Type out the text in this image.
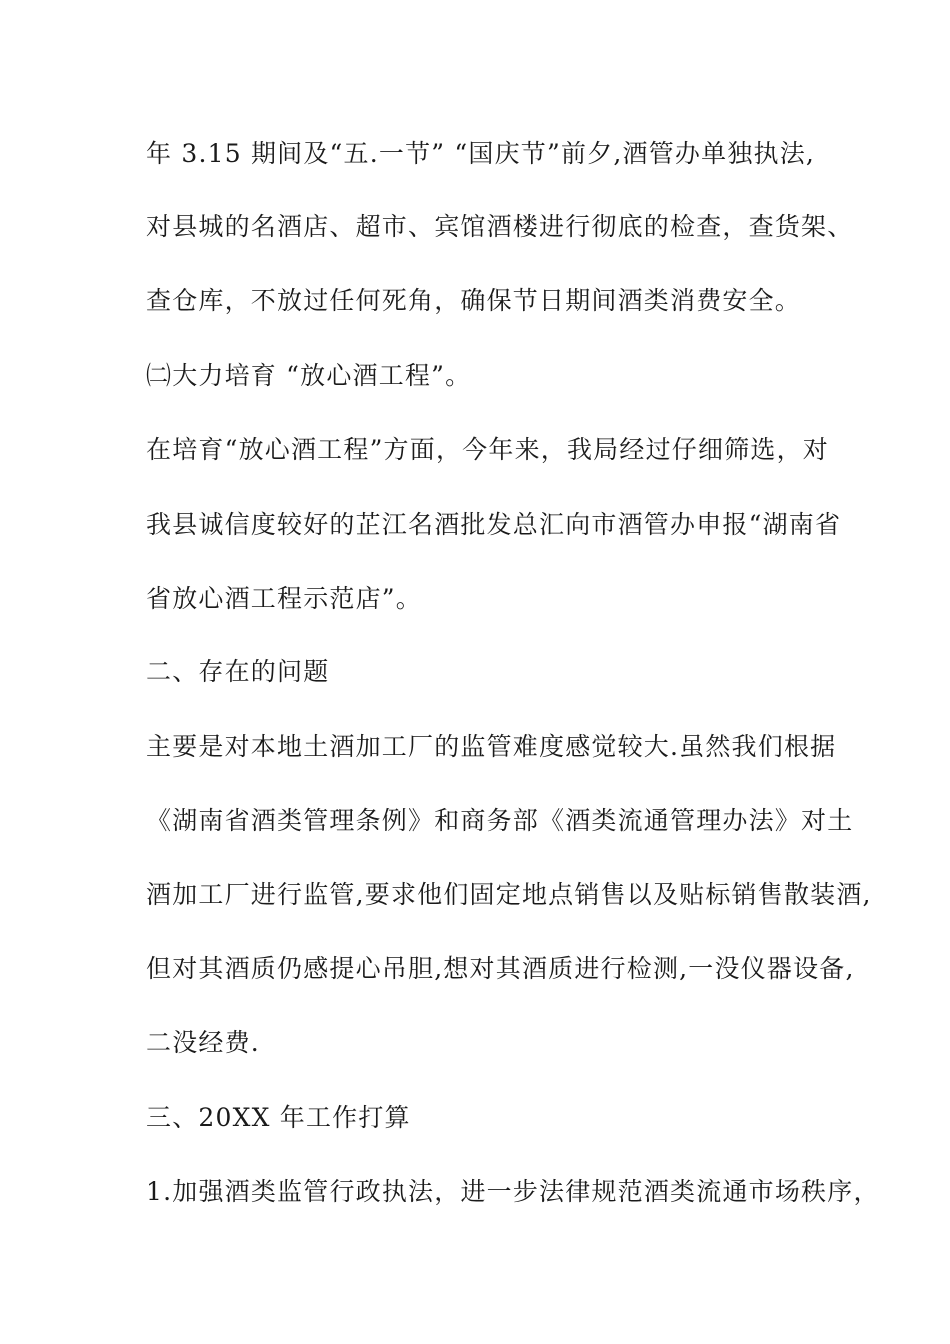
年 3.15 期间及“五.一节” “国庆节”前夕,酒管办单独执法,
对县城的名酒店、超市、宾馆酒楼进行彻底的检查，查货架、
查仓库，不放过任何死角，确保节日期间酒类消费安全。
㈡大力培育 “放心酒工程”。
在培育“放心酒工程”方面，今年来，我局经过仔细筛选，对
我县诚信度较好的芷江名酒批发总汇向市酒管办申报“湖南省
省放心酒工程示范店”。
二、存在的问题
主要是对本地土酒加工厂的监管难度感觉较大.虽然我们根据
《湖南省酒类管理条例》和商务部《酒类流通管理办法》对土
酒加工厂进行监管,要求他们固定地点销售以及贴标销售散装酒,
但对其酒质仍感提心吊胆,想对其酒质进行检测,一没仪器设备,
二没经费.
三、20XX 年工作打算
1.加强酒类监管行政执法，进一步法律规范酒类流通市场秩序，
